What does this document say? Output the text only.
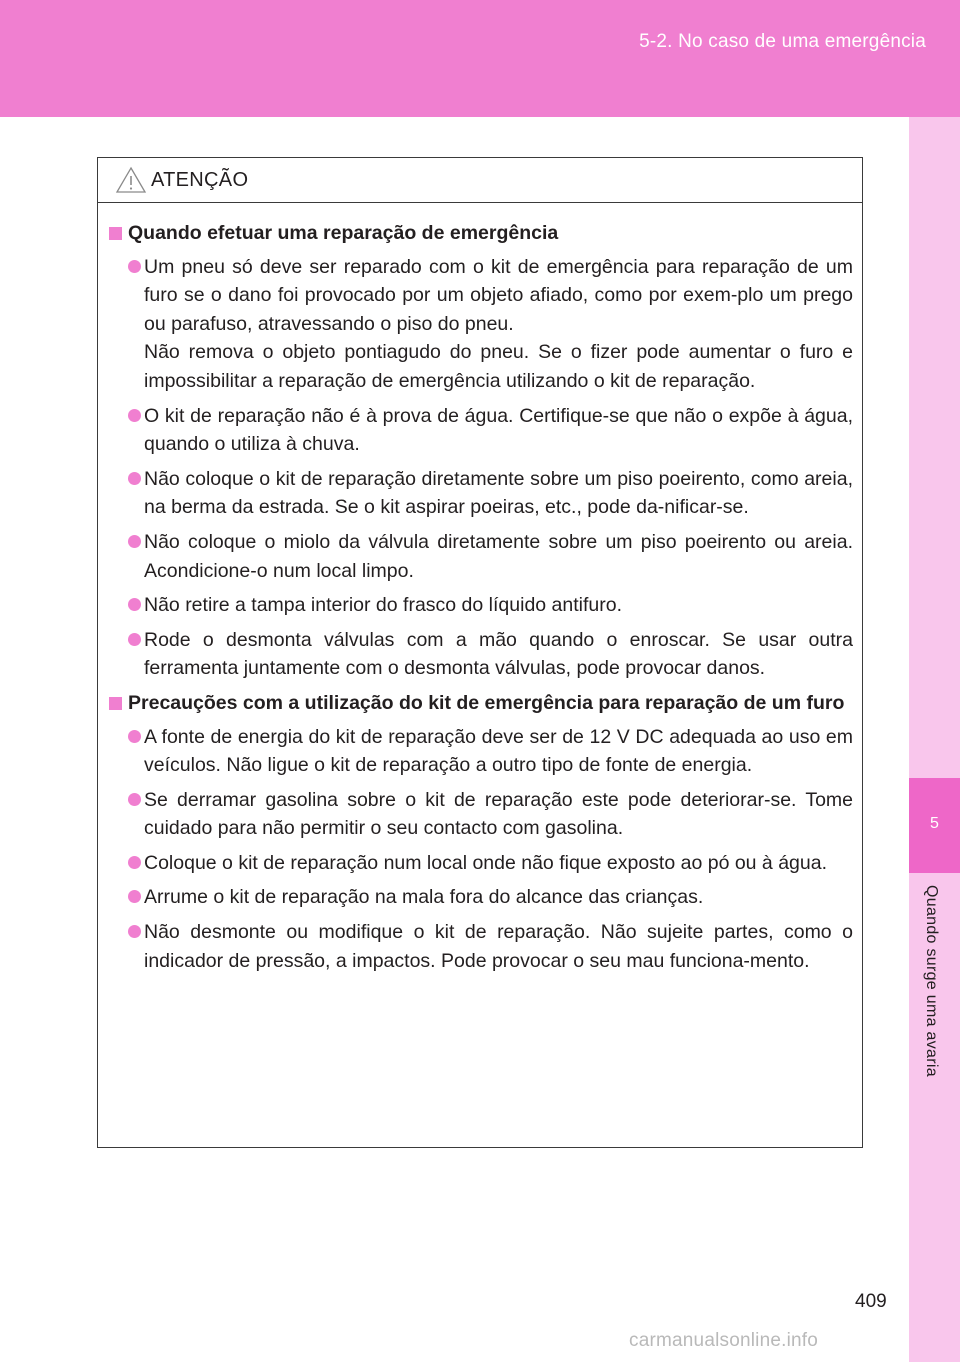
5-2. No caso de uma emergência
5
Quando surge uma avaria
ATENÇÃO
Quando efetuar uma reparação de emergência
Um pneu só deve ser reparado com o kit de emergência para reparação de um furo se o dano foi provocado por um objeto afiado, como por exem-plo um prego ou parafuso, atravessando o piso do pneu.
Não remova o objeto pontiagudo do pneu. Se o fizer pode aumentar o furo e impossibilitar a reparação de emergência utilizando o kit de reparação.
O kit de reparação não é à prova de água. Certifique-se que não o expõe à água, quando o utiliza à chuva.
Não coloque o kit de reparação diretamente sobre um piso poeirento, como areia, na berma da estrada. Se o kit aspirar poeiras, etc., pode da-nificar-se.
Não coloque o miolo da válvula diretamente sobre um piso poeirento ou areia. Acondicione-o num local limpo.
Não retire a tampa interior do frasco do líquido antifuro.
Rode o desmonta válvulas com a mão quando o enroscar. Se usar outra ferramenta juntamente com o desmonta válvulas, pode provocar danos.
Precauções com a utilização do kit de emergência para reparação de um furo
A fonte de energia do kit de reparação deve ser de 12 V DC adequada ao uso em veículos. Não ligue o kit de reparação a outro tipo de fonte de energia.
Se derramar gasolina sobre o kit de reparação este pode deteriorar-se. Tome cuidado para não permitir o seu contacto com gasolina.
Coloque o kit de reparação num local onde não fique exposto ao pó ou à água.
Arrume o kit de reparação na mala fora do alcance das crianças.
Não desmonte ou modifique o kit de reparação. Não sujeite partes, como o indicador de pressão, a impactos. Pode provocar o seu mau funciona-mento.
409
carmanualsonline.info
